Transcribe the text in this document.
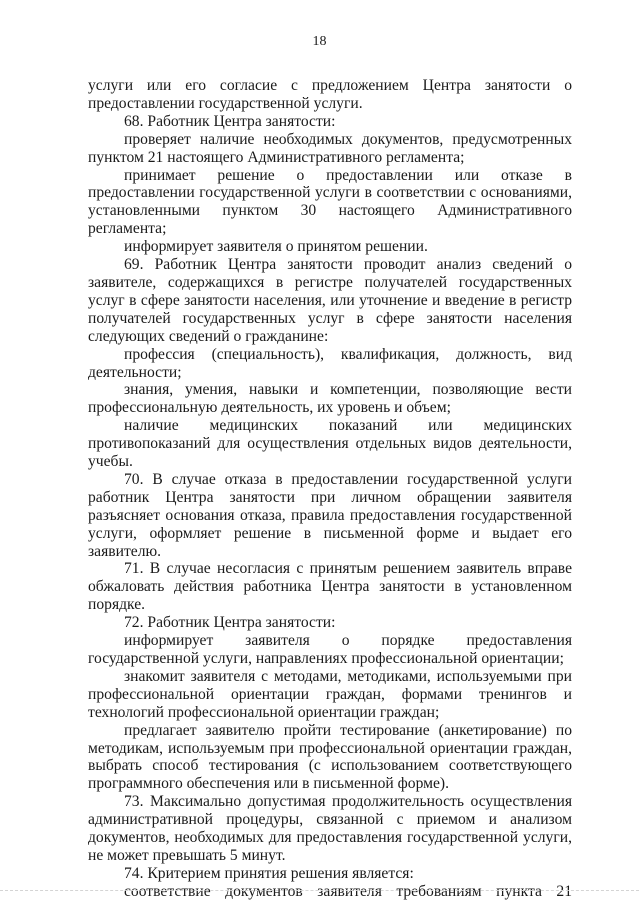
18

услуги или его согласие с предложением Центра занятости о предоставлении государственной услуги.

68. Работник Центра занятости:

проверяет наличие необходимых документов, предусмотренных пунктом 21 настоящего Административного регламента;

принимает решение о предоставлении или отказе в предоставлении государственной услуги в соответствии с основаниями, установленными пунктом 30 настоящего Административного регламента;

информирует заявителя о принятом решении.

69. Работник Центра занятости проводит анализ сведений о заявителе, содержащихся в регистре получателей государственных услуг в сфере занятости населения, или уточнение и введение в регистр получателей государственных услуг в сфере занятости населения следующих сведений о гражданине:

профессия (специальность), квалификация, должность, вид деятельности;

знания, умения, навыки и компетенции, позволяющие вести профессиональную деятельность, их уровень и объем;

наличие медицинских показаний или медицинских противопоказаний для осуществления отдельных видов деятельности, учебы.

70. В случае отказа в предоставлении государственной услуги работник Центра занятости при личном обращении заявителя разъясняет основания отказа, правила предоставления государственной услуги, оформляет решение в письменной форме и выдает его заявителю.

71. В случае несогласия с принятым решением заявитель вправе обжаловать действия работника Центра занятости в установленном порядке.

72. Работник Центра занятости:

информирует заявителя о порядке предоставления государственной услуги, направлениях профессиональной ориентации;

знакомит заявителя с методами, методиками, используемыми при профессиональной ориентации граждан, формами тренингов и технологий профессиональной ориентации граждан;

предлагает заявителю пройти тестирование (анкетирование) по методикам, используемым при профессиональной ориентации граждан, выбрать способ тестирования (с использованием соответствующего программного обеспечения или в письменной форме).

73. Максимально допустимая продолжительность осуществления административной процедуры, связанной с приемом и анализом документов, необходимых для предоставления государственной услуги, не может превышать 5 минут.

74. Критерием принятия решения является:

соответствие документов заявителя требованиям пункта 21
